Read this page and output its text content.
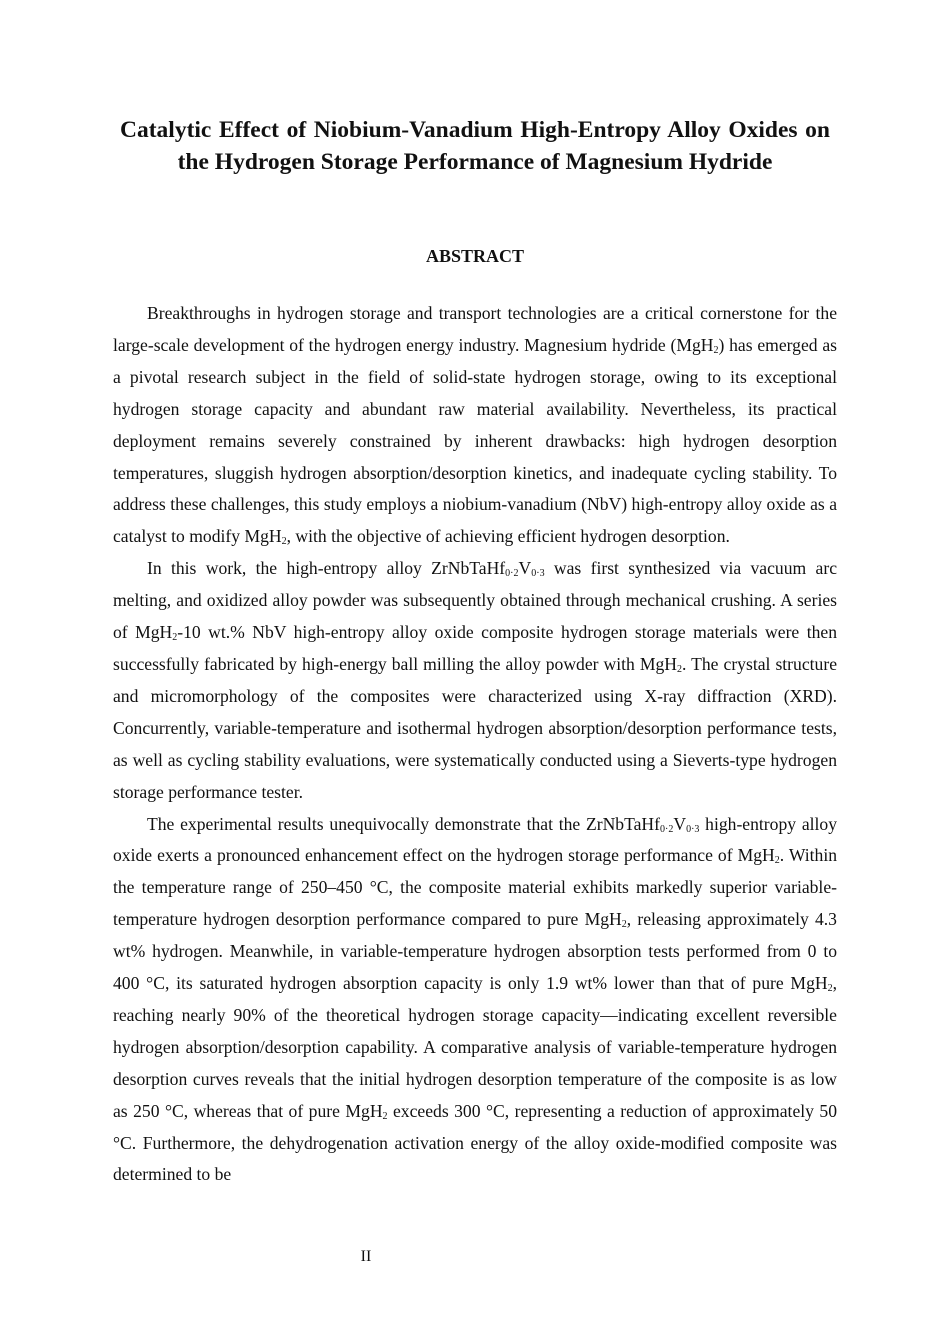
Catalytic Effect of Niobium-Vanadium High-Entropy Alloy Oxides on the Hydrogen Storage Performance of Magnesium Hydride
ABSTRACT

Breakthroughs in hydrogen storage and transport technologies are a critical cornerstone for the large-scale development of the hydrogen energy industry. Magnesium hydride (MgH$_2$) has emerged as a pivotal research subject in the field of solid-state hydrogen storage, owing to its exceptional hydrogen storage capacity and abundant raw material availability. Nevertheless, its practical deployment remains severely constrained by inherent drawbacks: high hydrogen desorption temperatures, sluggish hydrogen absorption/desorption kinetics, and inadequate cycling stability. To address these challenges, this study employs a niobium-vanadium (NbV) high-entropy alloy oxide as a catalyst to modify MgH$_2$, with the objective of achieving efficient hydrogen desorption.

In this work, the high-entropy alloy $ZrNbTaHf_{0\cdot 2}V_{0\cdot 3}$ was first synthesized via vacuum arc melting, and oxidized alloy powder was subsequently obtained through mechanical crushing. A series of MgH$_2$-10 wt.% NbV high-entropy alloy oxide composite hydrogen storage materials were then successfully fabricated by high-energy ball milling the alloy powder with MgH$_2$. The crystal structure and micromorphology of the composites were characterized using X-ray diffraction (XRD). Concurrently, variable-temperature and isothermal hydrogen absorption/desorption performance tests, as well as cycling stability evaluations, were systematically conducted using a Sieverts-type hydrogen storage performance tester.

The experimental results unequivocally demonstrate that the $ZrNbTaHf_{0\cdot 2}V_{0\cdot 3}$ high-entropy alloy oxide exerts a pronounced enhancement effect on the hydrogen storage performance of MgH$_2$. Within the temperature range of 250–450 °C, the composite material exhibits markedly superior variable-temperature hydrogen desorption performance compared to pure MgH$_2$, releasing approximately 4.3 wt% hydrogen. Meanwhile, in variable-temperature hydrogen absorption tests performed from 0 to 400 °C, its saturated hydrogen absorption capacity is only 1.9 wt% lower than that of pure MgH$_2$, reaching nearly 90% of the theoretical hydrogen storage capacity—indicating excellent reversible hydrogen absorption/desorption capability. A comparative analysis of variable-temperature hydrogen desorption curves reveals that the initial hydrogen desorption temperature of the composite is as low as 250 °C, whereas that of pure MgH$_2$ exceeds 300 °C, representing a reduction of approximately 50 °C. Furthermore, the dehydrogenation activation energy of the alloy oxide-modified composite was determined to be

II
